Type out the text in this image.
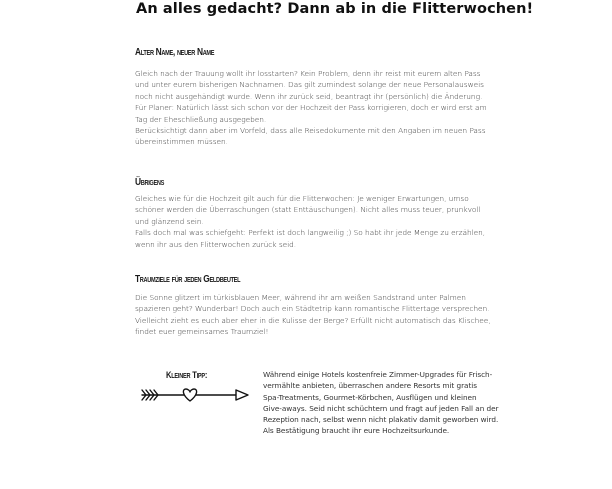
An alles gedacht? Dann ab in die Flitterwochen!
Alter Name, neuer Name
Gleich nach der Trauung wollt ihr losstarten? Kein Problem, denn ihr reist mit eurem alten Pass
und unter eurem bisherigen Nachnamen. Das gilt zumindest solange der neue Personalausweis
noch nicht ausgehändigt wurde. Wenn ihr zurück seid, beantragt ihr (persönlich) die Änderung.
Für Planer: Natürlich lässt sich schon vor der Hochzeit der Pass korrigieren, doch er wird erst am
Tag der Eheschließung ausgegeben.
Berücksichtigt dann aber im Vorfeld, dass alle Reisedokumente mit den Angaben im neuen Pass
übereinstimmen müssen.
Übrigens
Gleiches wie für die Hochzeit gilt auch für die Flitterwochen: Je weniger Erwartungen, umso
schöner werden die Überraschungen (statt Enttäuschungen). Nicht alles muss teuer, prunkvoll
und glänzend sein.
Falls doch mal was schiefgeht: Perfekt ist doch langweilig ;) So habt ihr jede Menge zu erzählen,
wenn ihr aus den Flitterwochen zurück seid.
Traumziele für jeden Geldbeutel
Die Sonne glitzert im türkisblauen Meer, während ihr am weißen Sandstrand unter Palmen
spazieren geht? Wunderbar! Doch auch ein Städtetrip kann romantische Flittertage versprechen.
Vielleicht zieht es euch aber eher in die Kulisse der Berge? Erfüllt nicht automatisch das Klischee,
findet euer gemeinsames Traumziel!
Kleiner Tipp:	Während einige Hotels kostenfreie Zimmer-Upgrades für Frisch-
vermählte anbieten, überraschen andere Resorts mit gratis
Spa-Treatments, Gourmet-Körbchen, Ausflügen und kleinen
Give-aways. Seid nicht schüchtern und fragt auf jeden Fall an der
Rezeption nach, selbst wenn nicht plakativ damit geworben wird.
Als Bestätigung braucht ihr eure Hochzeitsurkunde.
